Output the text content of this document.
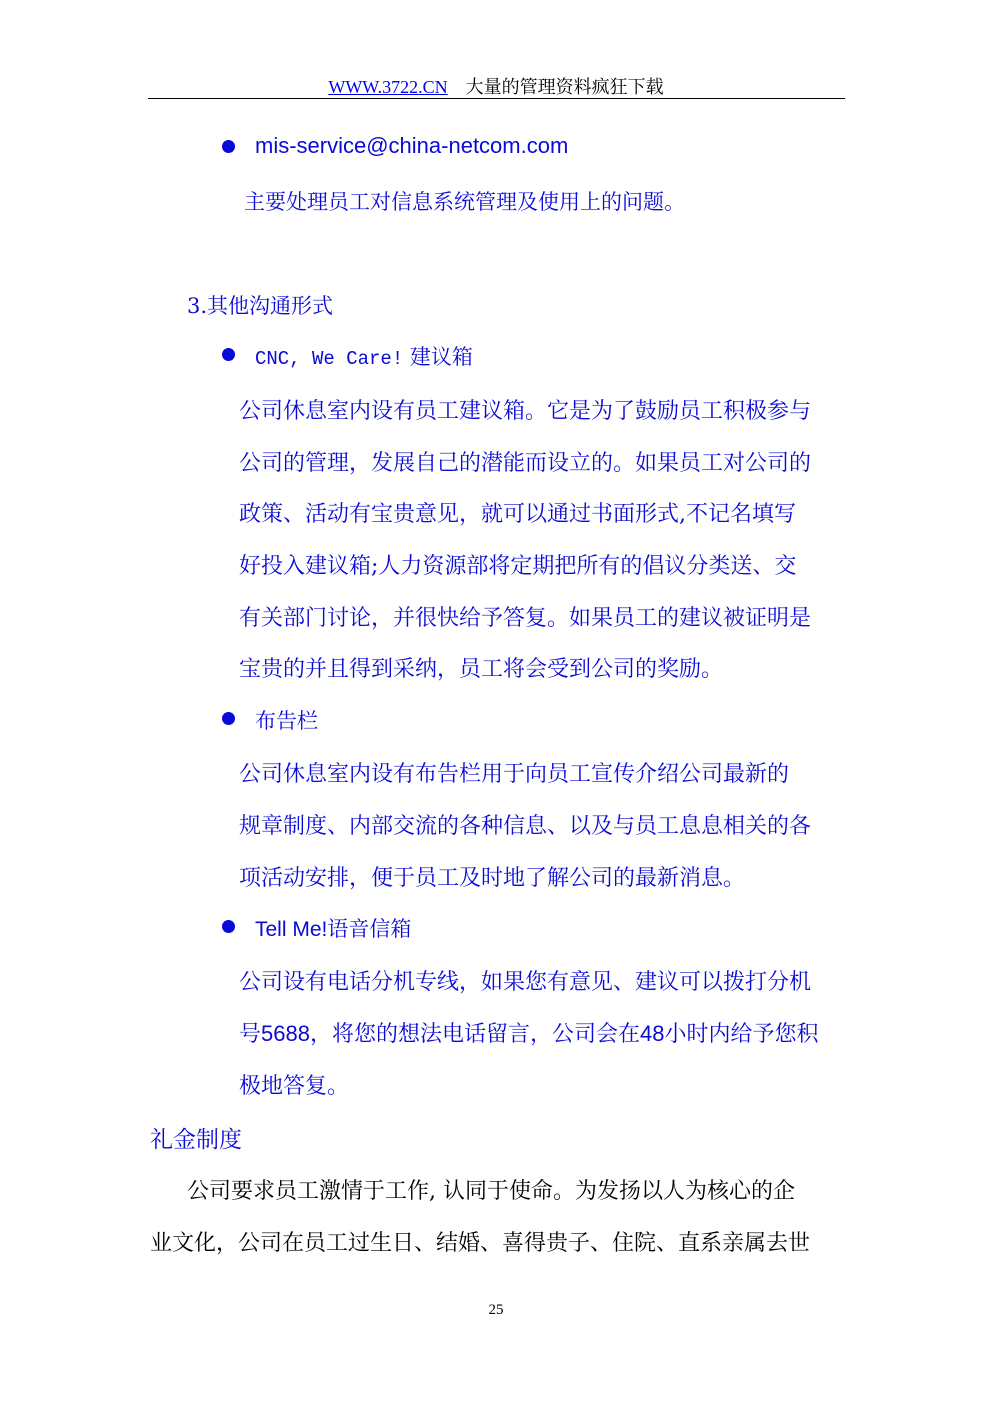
WWW.3722.CN 大量的管理资料疯狂下载
mis-service@china-netcom.com
主要处理员工对信息系统管理及使用上的问题。
3.其他沟通形式
CNC, We Care! 建议箱
公司休息室内设有员工建议箱。它是为了鼓励员工积极参与
公司的管理，发展自己的潜能而设立的。如果员工对公司的
政策、活动有宝贵意见，就可以通过书面形式,不记名填写
好投入建议箱;人力资源部将定期把所有的倡议分类送、交
有关部门讨论，并很快给予答复。如果员工的建议被证明是
宝贵的并且得到采纳，员工将会受到公司的奖励。
布告栏
公司休息室内设有布告栏用于向员工宣传介绍公司最新的
规章制度、内部交流的各种信息、以及与员工息息相关的各
项活动安排，便于员工及时地了解公司的最新消息。
Tell Me!语音信箱
公司设有电话分机专线，如果您有意见、建议可以拨打分机
号5688，将您的想法电话留言，公司会在48小时内给予您积
极地答复。
礼金制度
公司要求员工激情于工作, 认同于使命。为发扬以人为核心的企
业文化，公司在员工过生日、结婚、喜得贵子、住院、直系亲属去世
25
